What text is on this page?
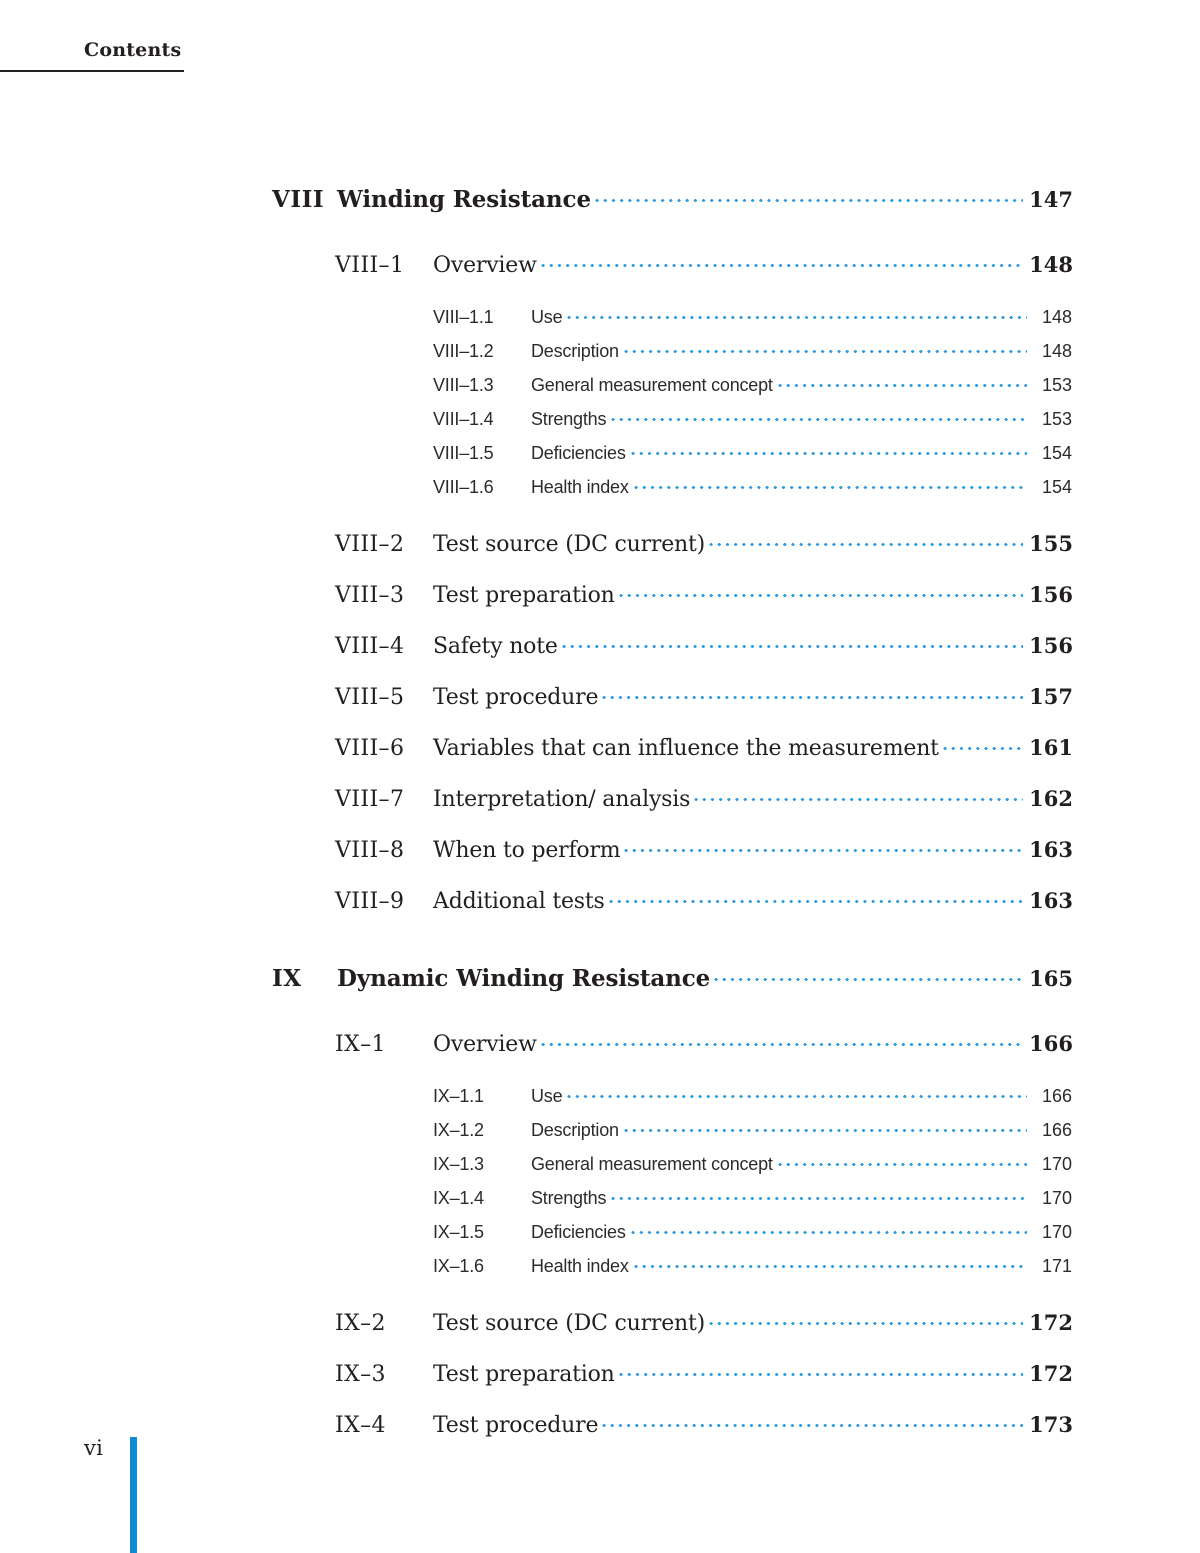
Contents
VIII Winding Resistance	147
VIII–1	Overview	148
VIII–1.1	Use	148
VIII–1.2	Description	148
VIII–1.3	General measurement concept	153
VIII–1.4	Strengths	153
VIII–1.5	Deficiencies	154
VIII–1.6	Health index	154
VIII–2	Test source (DC current)	155
VIII–3	Test preparation	156
VIII–4	Safety note	156
VIII–5	Test procedure	157
VIII–6	Variables that can influence the measurement	161
VIII–7	Interpretation/ analysis	162
VIII–8	When to perform	163
VIII–9	Additional tests	163
IX	Dynamic Winding Resistance	165
IX–1	Overview	166
IX–1.1	Use	166
IX–1.2	Description	166
IX–1.3	General measurement concept	170
IX–1.4	Strengths	170
IX–1.5	Deficiencies	170
IX–1.6	Health index	171
IX–2	Test source (DC current)	172
IX–3	Test preparation	172
IX–4	Test procedure	173
vi
